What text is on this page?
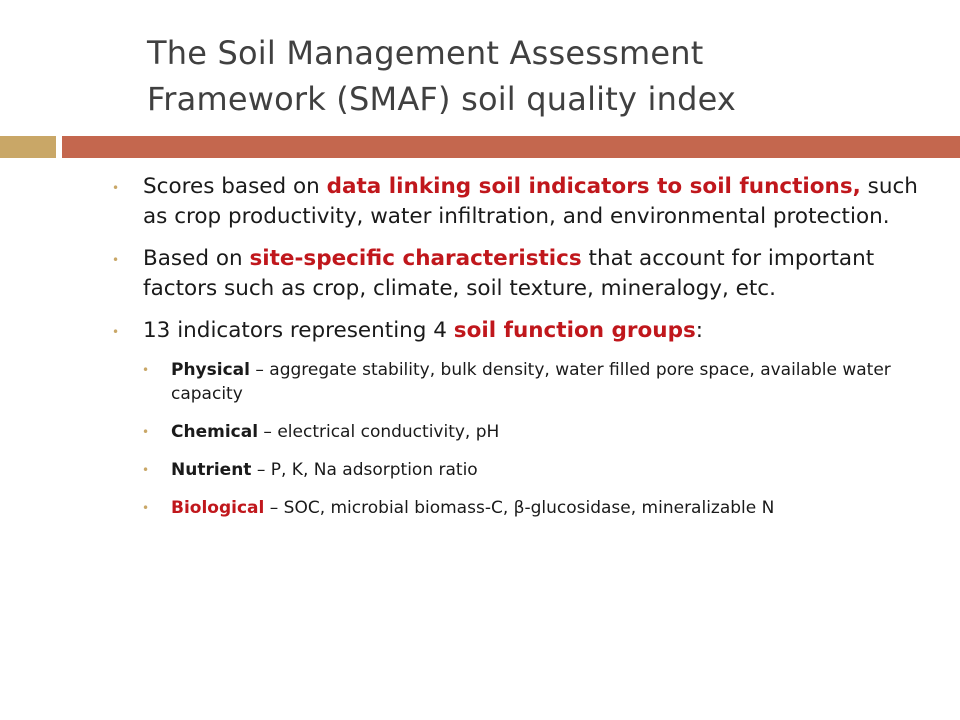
The Soil Management Assessment
Framework (SMAF) soil quality index
• Scores based on data linking soil indicators to soil functions, such as crop productivity, water infiltration, and environmental protection.
• Based on site-specific characteristics that account for important factors such as crop, climate, soil texture, mineralogy, etc.
• 13 indicators representing 4 soil function groups:
• Physical – aggregate stability, bulk density, water filled pore space, available water capacity
• Chemical – electrical conductivity, pH
• Nutrient – P, K, Na adsorption ratio
• Biological – SOC, microbial biomass-C, β-glucosidase, mineralizable N
